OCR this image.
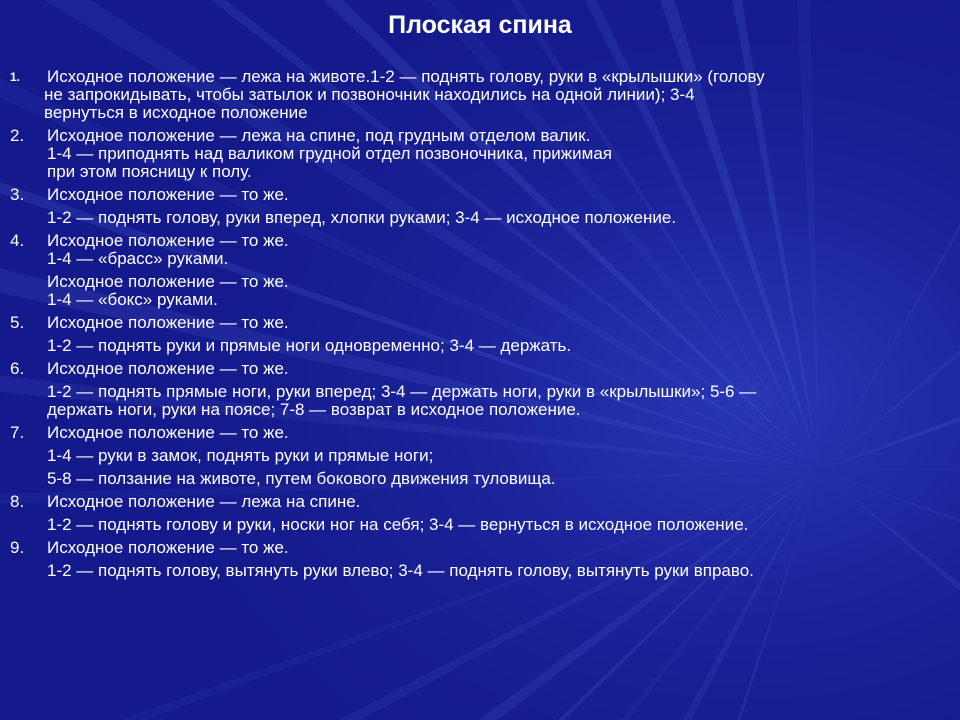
Плоская спина
1.	Исходное положение — лежа на животе.1-2 — поднять голову, руки в «крылышки» (голову
не запрокидывать, чтобы затылок и позвоночник находились на одной линии); 3-4
вернуться в исходное положение
2.	Исходное положение — лежа на спине, под грудным отделом валик.
1-4 — приподнять над валиком грудной отдел позвоночника, прижимая
при этом поясницу к полу.
3.	Исходное положение — то же.
1-2 — поднять голову, руки вперед, хлопки руками; 3-4 — исходное положение.
4.	Исходное положение — то же.
1-4 — «брасс» руками.
Исходное положение — то же.
1-4 — «бокс» руками.
5.	Исходное положение — то же.
1-2 — поднять руки и прямые ноги одновременно; 3-4 — держать.
6.	Исходное положение — то же.
1-2 — поднять прямые ноги, руки вперед; 3-4 — держать ноги, руки в «крылышки»; 5-6 —
держать ноги, руки на поясе; 7-8 — возврат в исходное положение.
7.	Исходное положение — то же.
1-4 — руки в замок, поднять руки и прямые ноги;
5-8 — ползание на животе, путем бокового движения туловища.
8.	Исходное положение — лежа на спине.
1-2 — поднять голову и руки, носки ног на себя; 3-4 — вернуться в исходное положение.
9.	Исходное положение — то же.
1-2 — поднять голову, вытянуть руки влево; 3-4 — поднять голову, вытянуть руки вправо.
